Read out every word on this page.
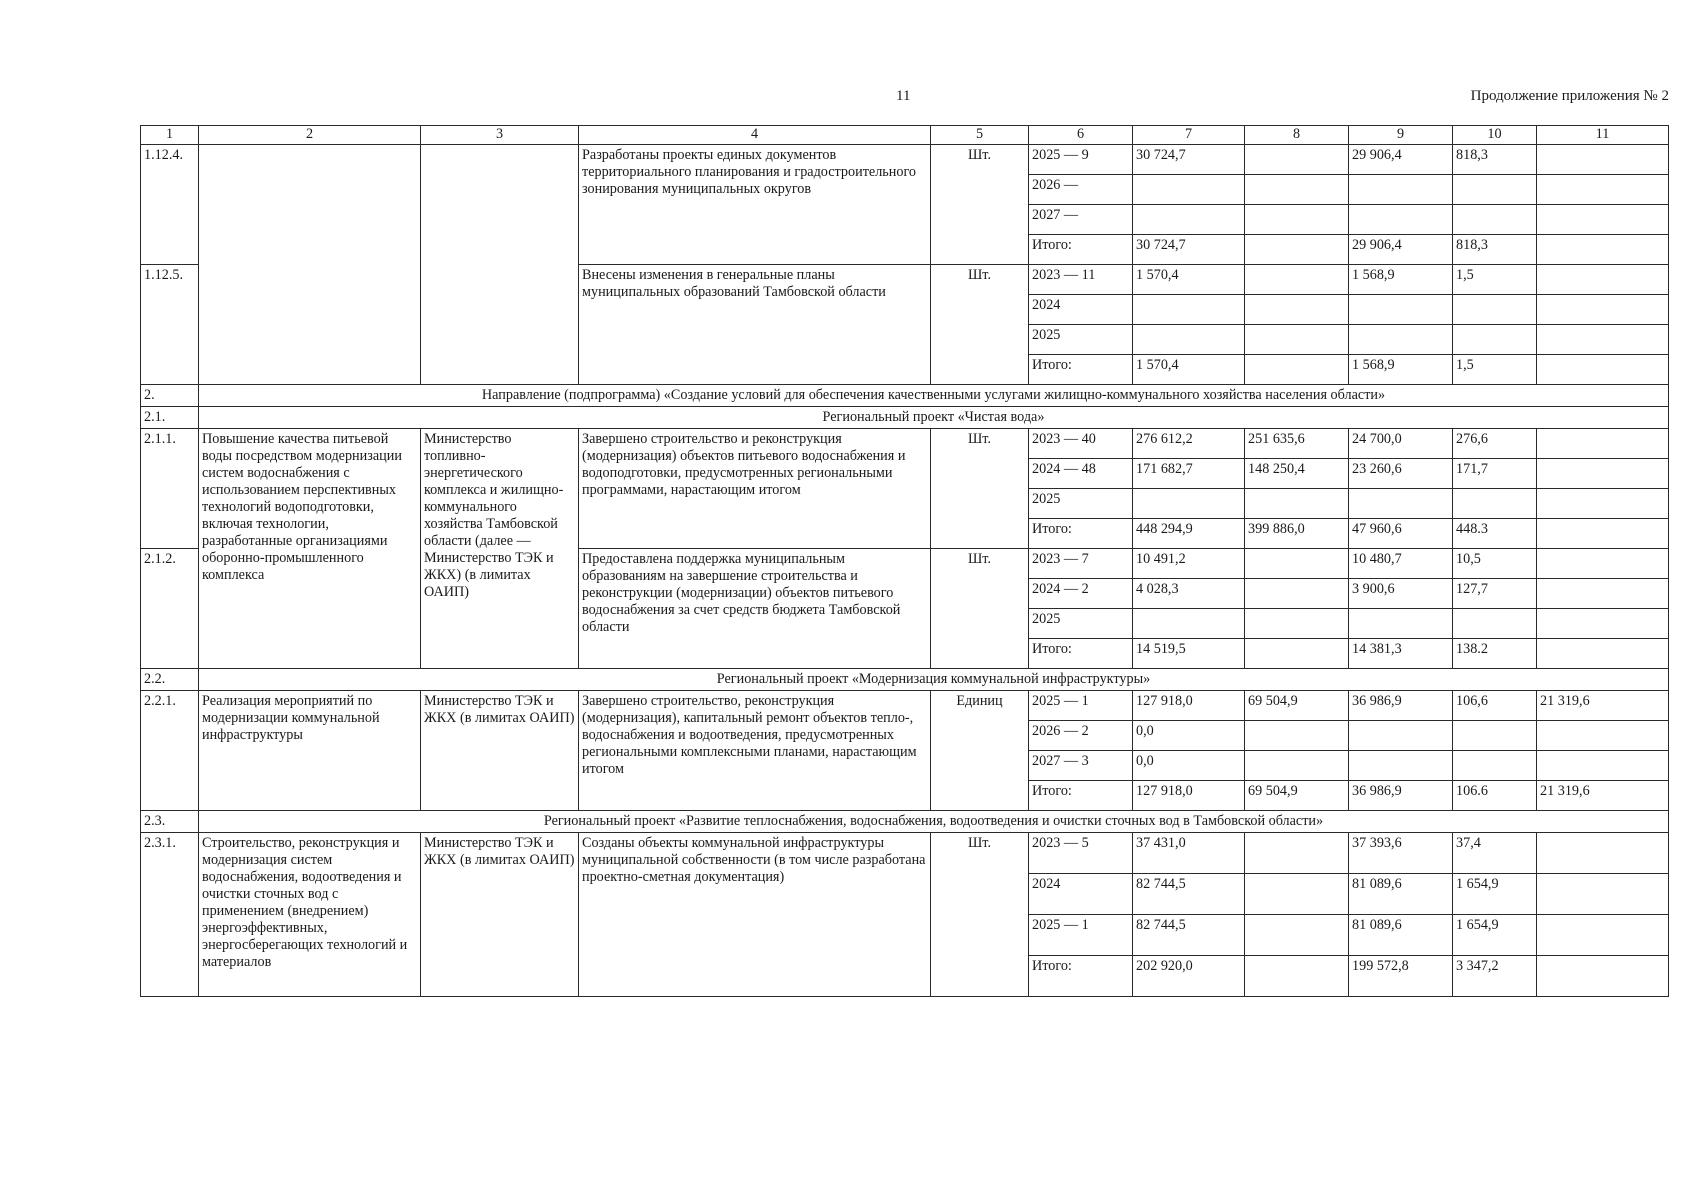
11	Продолжение приложения № 2
1	2	3	4	5	6	7	8	9	10	11
1.12.4.			Разработаны проекты единых документов территориального планирования и градостроительного зонирования муниципальных округов	Шт.	2025 — 9	30 724,7		29 906,4	818,3	
					2026 —					
					2027 —					
					Итого:	30 724,7		29 906,4	818,3	
1.12.5.			Внесены изменения в генеральные планы муниципальных образований Тамбовской области	Шт.	2023 — 11	1 570,4		1 568,9	1,5	
					2024					
					2025					
					Итого:	1 570,4		1 568,9	1,5	
2.	Направление (подпрограмма) «Создание условий для обеспечения качественными услугами жилищно-коммунального хозяйства населения области»									
2.1.	Региональный проект «Чистая вода»									
2.1.1.	Повышение качества питьевой воды посредством модернизации систем водоснабжения с использованием перспективных технологий водоподготовки, включая технологии, разработанные организациями оборонно-промышленного комплекса	Министерство топливно-энергетического комплекса и жилищно-коммунального хозяйства Тамбовской области (далее — Министерство ТЭК и ЖКХ) (в лимитах ОАИП)	Завершено строительство и реконструкция (модернизация) объектов питьевого водоснабжения и водоподготовки, предусмотренных региональными программами, нарастающим итогом	Шт.	2023 — 40	276 612,2	251 635,6	24 700,0	276,6	
					2024 — 48	171 682,7	148 250,4	23 260,6	171,7	
					2025					
					Итого:	448 294,9	399 886,0	47 960,6	448.3	
2.1.2.			Предоставлена поддержка муниципальным образованиям на завершение строительства и реконструкции (модернизации) объектов питьевого водоснабжения за счет средств бюджета Тамбовской области	Шт.	2023 — 7	10 491,2		10 480,7	10,5	
					2024 — 2	4 028,3		3 900,6	127,7	
					2025					
					Итого:	14 519,5		14 381,3	138.2	
2.2.	Региональный проект «Модернизация коммунальной инфраструктуры»									
2.2.1.	Реализация мероприятий по модернизации коммунальной инфраструктуры	Министерство ТЭК и ЖКХ (в лимитах ОАИП)	Завершено строительство, реконструкция (модернизация), капитальный ремонт объектов тепло-, водоснабжения и водоотведения, предусмотренных региональными комплексными планами, нарастающим итогом	Единиц	2025 — 1	127 918,0	69 504,9	36 986,9	106,6	21 319,6
					2026 — 2	0,0				
					2027 — 3	0,0				
					Итого:	127 918,0	69 504,9	36 986,9	106.6	21 319,6
2.3.	Региональный проект «Развитие теплоснабжения, водоснабжения, водоотведения и очистки сточных вод в Тамбовской области»									
2.3.1.	Строительство, реконструкция и модернизация систем водоснабжения, водоотведения и очистки сточных вод с применением (внедрением) энергоэффективных, энергосберегающих технологий и материалов	Министерство ТЭК и ЖКХ (в лимитах ОАИП)	Созданы объекты коммунальной инфраструктуры муниципальной собственности (в том числе разработана проектно-сметная документация)	Шт.	2023 — 5	37 431,0		37 393,6	37,4	
					2024	82 744,5		81 089,6	1 654,9	
					2025 — 1	82 744,5		81 089,6	1 654,9	
					Итого:	202 920,0		199 572,8	3 347,2	
